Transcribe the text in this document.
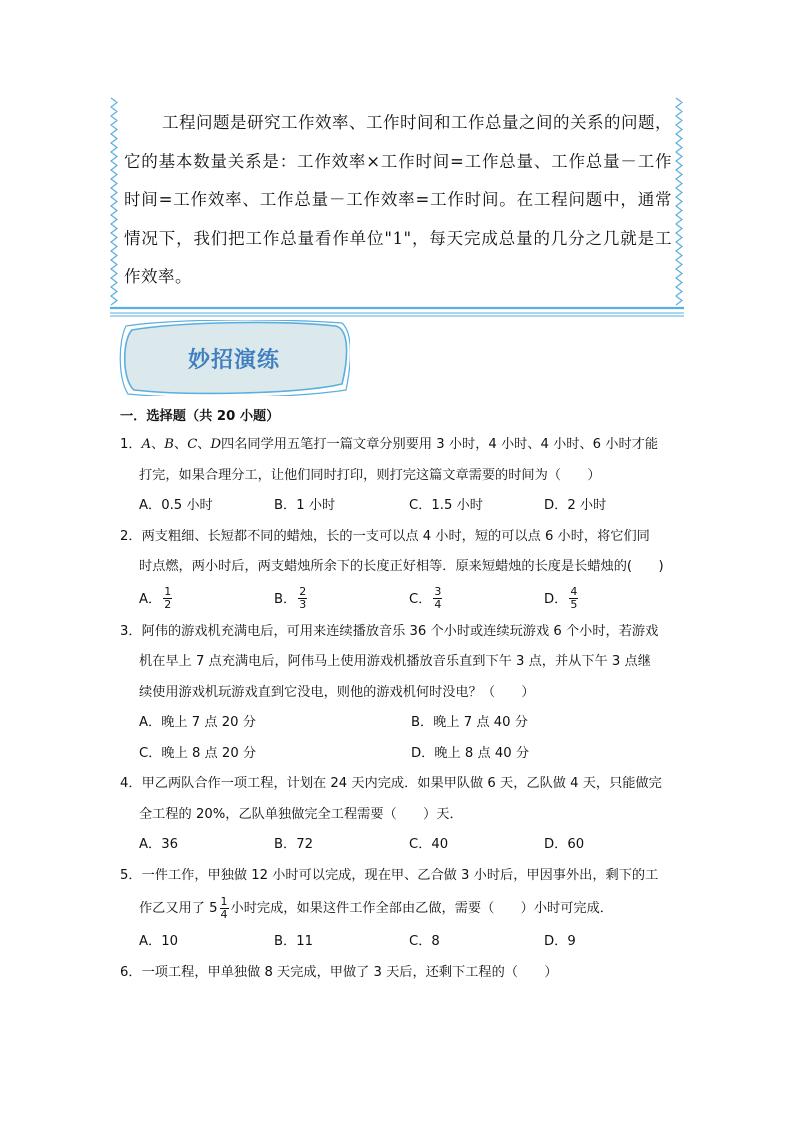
工程问题是研究工作效率、工作时间和工作总量之间的关系的问题，它的基本数量关系是：工作效率×工作时间=工作总量、工作总量－工作时间=工作效率、工作总量－工作效率=工作时间。在工程问题中，通常情况下，我们把工作总量看作单位"1"，每天完成总量的几分之几就是工作效率。
妙招演练
一．选择题（共 20 小题）
1．A、B、C、D四名同学用五笔打一篇文章分别要用 3 小时，4 小时、4 小时、6 小时才能
打完，如果合理分工，让他们同时打印，则打完这篇文章需要的时间为（　　）
A．0.5 小时	B．1 小时	C．1.5 小时	D．2 小时
2．两支粗细、长短都不同的蜡烛，长的一支可以点 4 小时，短的可以点 6 小时，将它们同
时点燃，两小时后，两支蜡烛所余下的长度正好相等．原来短蜡烛的长度是长蜡烛的(　　)
A． $\frac{1}{2}$	B． $\frac{2}{3}$	C． $\frac{3}{4}$	D． $\frac{4}{5}$
3．阿伟的游戏机充满电后，可用来连续播放音乐 36 个小时或连续玩游戏 6 个小时，若游戏
机在早上 7 点充满电后，阿伟马上使用游戏机播放音乐直到下午 3 点，并从下午 3 点继
续使用游戏机玩游戏直到它没电，则他的游戏机何时没电？（　　）
A．晚上 7 点 20 分	B．晚上 7 点 40 分
C．晚上 8 点 20 分	D．晚上 8 点 40 分
4．甲乙两队合作一项工程，计划在 24 天内完成．如果甲队做 6 天，乙队做 4 天，只能做完
全工程的 20%，乙队单独做完全工程需要（　　）天．
A．36	B．72	C．40	D．60
5．一件工作，甲独做 12 小时可以完成，现在甲、乙合做 3 小时后，甲因事外出，剩下的工
作乙又用了 $5 \frac{1}{4}$ 小时完成，如果这件工作全部由乙做，需要（　　）小时可完成．
A．10	B．11	C．8	D．9
6．一项工程，甲单独做 8 天完成，甲做了 3 天后，还剩下工程的（　　）
